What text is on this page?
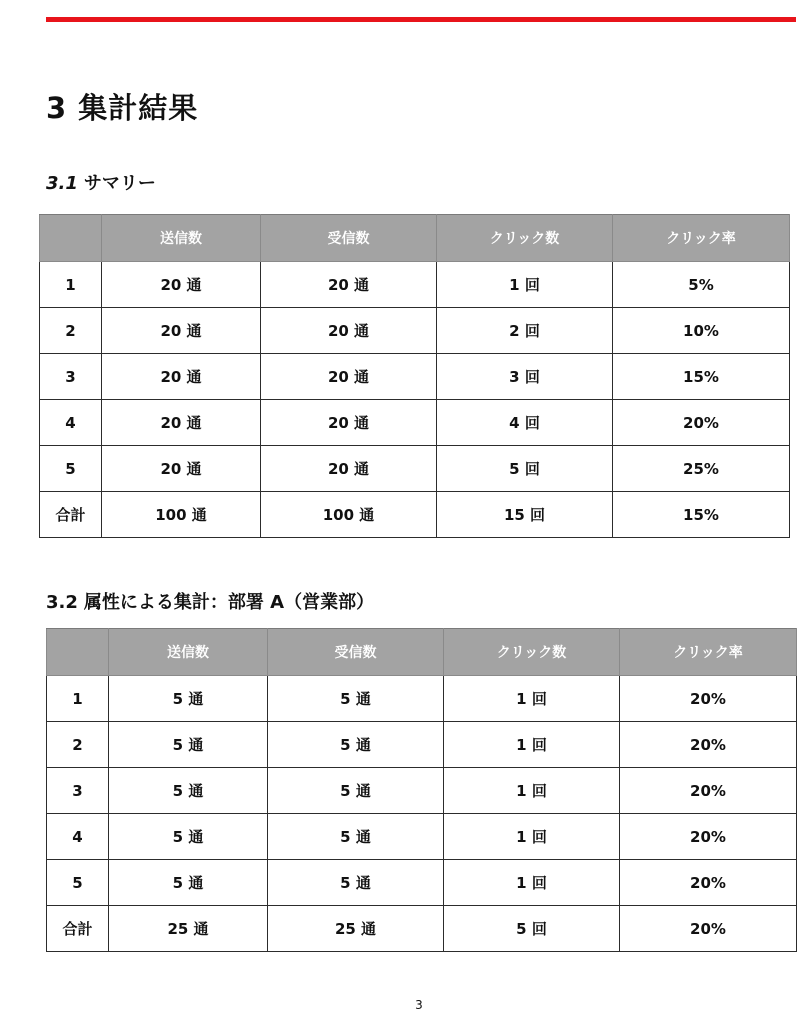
3 集計結果
3.1 サマリー
	送信数	受信数	クリック数	クリック率
1	20 通	20 通	1 回	5%
2	20 通	20 通	2 回	10%
3	20 通	20 通	3 回	15%
4	20 通	20 通	4 回	20%
5	20 通	20 通	5 回	25%
合計	100 通	100 通	15 回	15%
3.2 属性による集計：部署 A（営業部）
	送信数	受信数	クリック数	クリック率
1	5 通	5 通	1 回	20%
2	5 通	5 通	1 回	20%
3	5 通	5 通	1 回	20%
4	5 通	5 通	1 回	20%
5	5 通	5 通	1 回	20%
合計	25 通	25 通	5 回	20%
3
